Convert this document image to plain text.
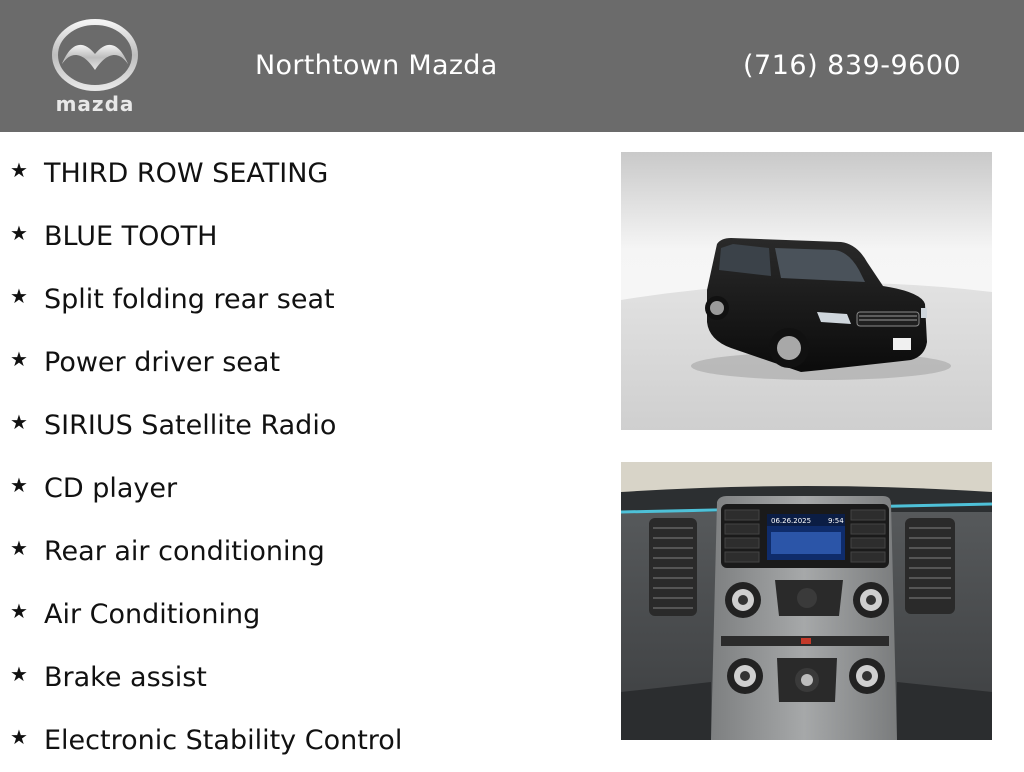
mazda
Northtown Mazda	(716) 839-9600
★ THIRD ROW SEATING
★ BLUE TOOTH
★ Split folding rear seat
★ Power driver seat
★ SIRIUS Satellite Radio
★ CD player
★ Rear air conditioning
★ Air Conditioning
★ Brake assist
★ Electronic Stability Control
06.26.2025 9:54
